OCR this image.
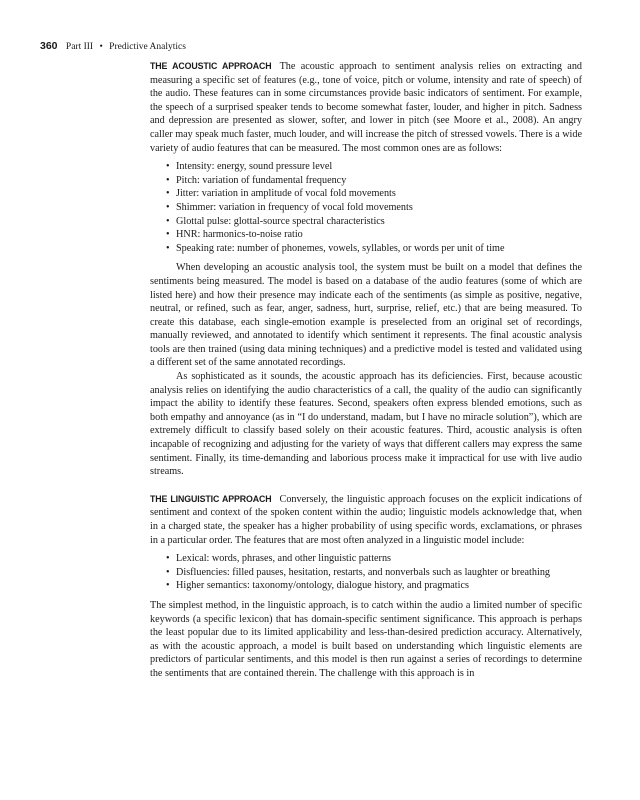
360 Part III • Predictive Analytics

THE ACOUSTIC APPROACH The acoustic approach to sentiment analysis relies on extracting and measuring a specific set of features (e.g., tone of voice, pitch or volume, intensity and rate of speech) of the audio. These features can in some circumstances provide basic indicators of sentiment. For example, the speech of a surprised speaker tends to become somewhat faster, louder, and higher in pitch. Sadness and depression are presented as slower, softer, and lower in pitch (see Moore et al., 2008). An angry caller may speak much faster, much louder, and will increase the pitch of stressed vowels. There is a wide variety of audio features that can be measured. The most common ones are as follows:

• Intensity: energy, sound pressure level
• Pitch: variation of fundamental frequency
• Jitter: variation in amplitude of vocal fold movements
• Shimmer: variation in frequency of vocal fold movements
• Glottal pulse: glottal-source spectral characteristics
• HNR: harmonics-to-noise ratio
• Speaking rate: number of phonemes, vowels, syllables, or words per unit of time

When developing an acoustic analysis tool, the system must be built on a model that defines the sentiments being measured. The model is based on a database of the audio features (some of which are listed here) and how their presence may indicate each of the sentiments (as simple as positive, negative, neutral, or refined, such as fear, anger, sadness, hurt, surprise, relief, etc.) that are being measured. To create this database, each single-emotion example is preselected from an original set of recordings, manually reviewed, and annotated to identify which sentiment it represents. The final acoustic analysis tools are then trained (using data mining techniques) and a predictive model is tested and validated using a different set of the same annotated recordings.

As sophisticated as it sounds, the acoustic approach has its deficiencies. First, because acoustic analysis relies on identifying the audio characteristics of a call, the quality of the audio can significantly impact the ability to identify these features. Second, speakers often express blended emotions, such as both empathy and annoyance (as in “I do understand, madam, but I have no miracle solution”), which are extremely difficult to classify based solely on their acoustic features. Third, acoustic analysis is often incapable of recognizing and adjusting for the variety of ways that different callers may express the same sentiment. Finally, its time-demanding and laborious process make it impractical for use with live audio streams.

THE LINGUISTIC APPROACH Conversely, the linguistic approach focuses on the explicit indications of sentiment and context of the spoken content within the audio; linguistic models acknowledge that, when in a charged state, the speaker has a higher probability of using specific words, exclamations, or phrases in a particular order. The features that are most often analyzed in a linguistic model include:

• Lexical: words, phrases, and other linguistic patterns
• Disfluencies: filled pauses, hesitation, restarts, and nonverbals such as laughter or breathing
• Higher semantics: taxonomy/ontology, dialogue history, and pragmatics

The simplest method, in the linguistic approach, is to catch within the audio a limited number of specific keywords (a specific lexicon) that has domain-specific sentiment significance. This approach is perhaps the least popular due to its limited applicability and less-than-desired prediction accuracy. Alternatively, as with the acoustic approach, a model is built based on understanding which linguistic elements are predictors of particular sentiments, and this model is then run against a series of recordings to determine the sentiments that are contained therein. The challenge with this approach is in
